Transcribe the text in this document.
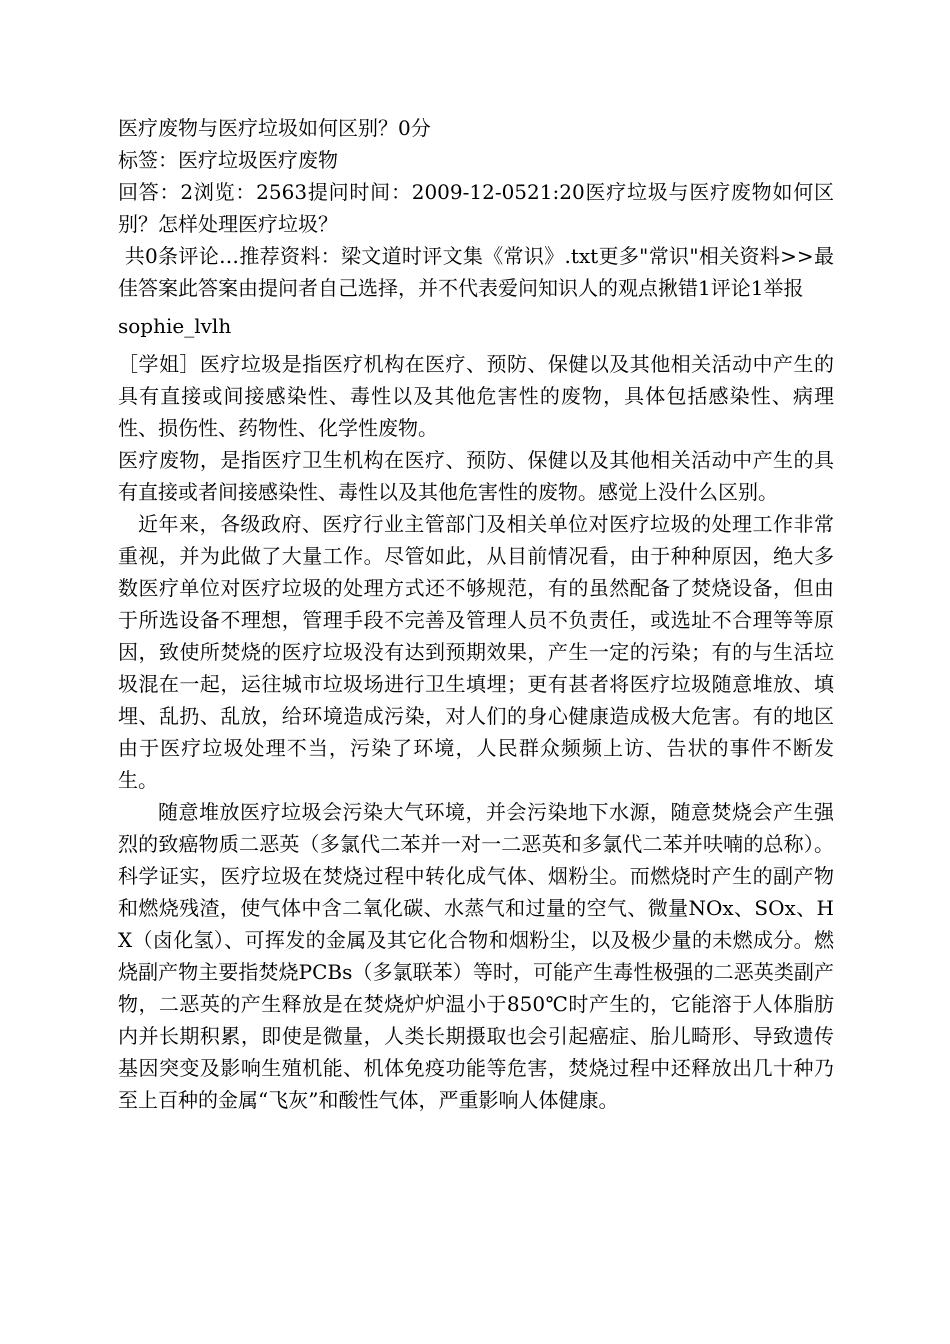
医疗废物与医疗垃圾如何区别？0分

标签：医疗垃圾医疗废物

回答：2浏览：2563提问时间：2009-12-0521:20医疗垃圾与医疗废物如何区别？怎样处理医疗垃圾？

共0条评论…推荐资料：梁文道时评文集《常识》.txt更多"常识"相关资料>>最佳答案此答案由提问者自己选择，并不代表爱问知识人的观点揪错1评论1举报

sophie_lvlh

［学姐］医疗垃圾是指医疗机构在医疗、预防、保健以及其他相关活动中产生的具有直接或间接感染性、毒性以及其他危害性的废物，具体包括感染性、病理性、损伤性、药物性、化学性废物。

医疗废物，是指医疗卫生机构在医疗、预防、保健以及其他相关活动中产生的具有直接或者间接感染性、毒性以及其他危害性的废物。感觉上没什么区别。

近年来，各级政府、医疗行业主管部门及相关单位对医疗垃圾的处理工作非常重视，并为此做了大量工作。尽管如此，从目前情况看，由于种种原因，绝大多数医疗单位对医疗垃圾的处理方式还不够规范，有的虽然配备了焚烧设备，但由于所选设备不理想，管理手段不完善及管理人员不负责任，或选址不合理等等原因，致使所焚烧的医疗垃圾没有达到预期效果，产生一定的污染；有的与生活垃圾混在一起，运往城市垃圾场进行卫生填埋；更有甚者将医疗垃圾随意堆放、填埋、乱扔、乱放，给环境造成污染，对人们的身心健康造成极大危害。有的地区由于医疗垃圾处理不当，污染了环境，人民群众频频上访、告状的事件不断发生。

随意堆放医疗垃圾会污染大气环境，并会污染地下水源，随意焚烧会产生强烈的致癌物质二恶英（多氯代二苯并一对一二恶英和多氯代二苯并呋喃的总称）。科学证实，医疗垃圾在焚烧过程中转化成气体、烟粉尘。而燃烧时产生的副产物和燃烧残渣，使气体中含二氧化碳、水蒸气和过量的空气、微量NOx、SOx、HX（卤化氢）、可挥发的金属及其它化合物和烟粉尘，以及极少量的未燃成分。燃烧副产物主要指焚烧PCBs（多氯联苯）等时，可能产生毒性极强的二恶英类副产物，二恶英的产生释放是在焚烧炉炉温小于850℃时产生的，它能溶于人体脂肪内并长期积累，即使是微量，人类长期摄取也会引起癌症、胎儿畸形、导致遗传基因突变及影响生殖机能、机体免疫功能等危害，焚烧过程中还释放出几十种乃至上百种的金属“飞灰”和酸性气体，严重影响人体健康。
